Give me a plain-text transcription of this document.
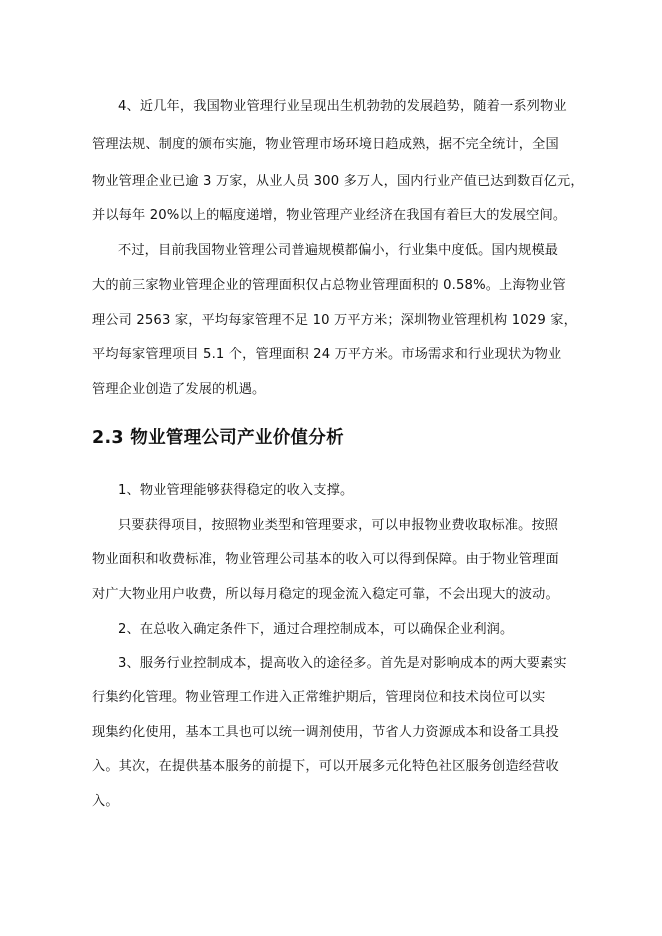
4、近几年，我国物业管理行业呈现出生机勃勃的发展趋势，随着一系列物业
管理法规、制度的颁布实施，物业管理市场环境日趋成熟，据不完全统计，全国
物业管理企业已逾 3 万家，从业人员 300 多万人，国内行业产值已达到数百亿元，
并以每年 20%以上的幅度递增，物业管理产业经济在我国有着巨大的发展空间。
不过，目前我国物业管理公司普遍规模都偏小，行业集中度低。国内规模最
大的前三家物业管理企业的管理面积仅占总物业管理面积的 0.58%。上海物业管
理公司 2563 家，平均每家管理不足 10 万平方米；深圳物业管理机构 1029 家，
平均每家管理项目 5.1 个，管理面积 24 万平方米。市场需求和行业现状为物业
管理企业创造了发展的机遇。
2.3 物业管理公司产业价值分析
1、物业管理能够获得稳定的收入支撑。
只要获得项目，按照物业类型和管理要求，可以申报物业费收取标准。按照
物业面积和收费标准，物业管理公司基本的收入可以得到保障。由于物业管理面
对广大物业用户收费，所以每月稳定的现金流入稳定可靠，不会出现大的波动。
2、在总收入确定条件下，通过合理控制成本，可以确保企业利润。
3、服务行业控制成本，提高收入的途径多。首先是对影响成本的两大要素实
行集约化管理。物业管理工作进入正常维护期后，管理岗位和技术岗位可以实
现集约化使用，基本工具也可以统一调剂使用，节省人力资源成本和设备工具投
入。其次，在提供基本服务的前提下，可以开展多元化特色社区服务创造经营收
入。
